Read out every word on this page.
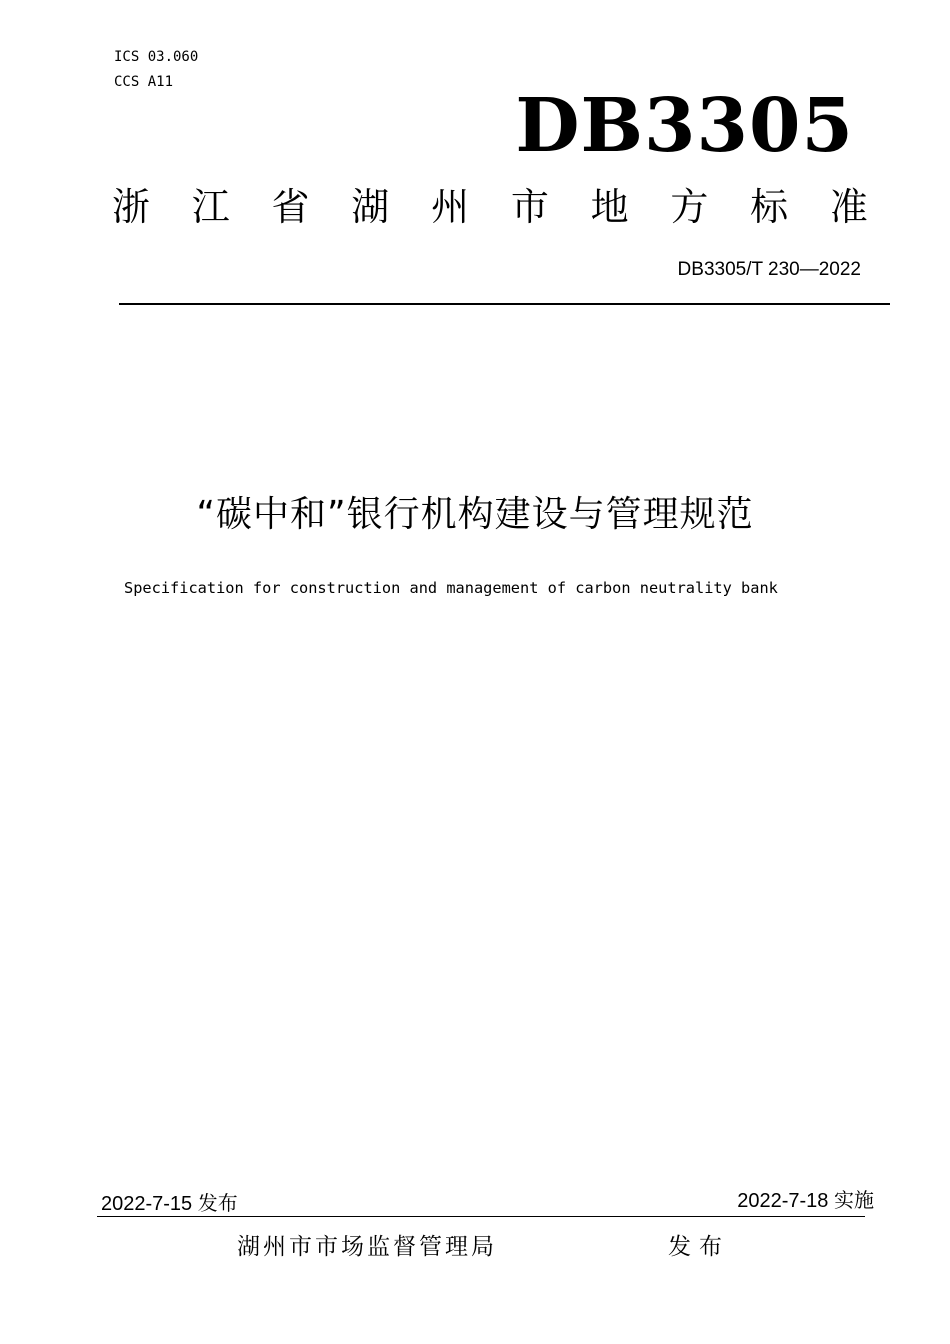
ICS 03.060
CCS A11
DB3305
浙 江 省 湖 州 市 地 方 标 准
DB3305/T 230—2022
“碳中和”银行机构建设与管理规范
Specification for construction and management of carbon neutrality bank
2022-7-15 发布	2022-7-18 实施
湖州市市场监督管理局	发布
